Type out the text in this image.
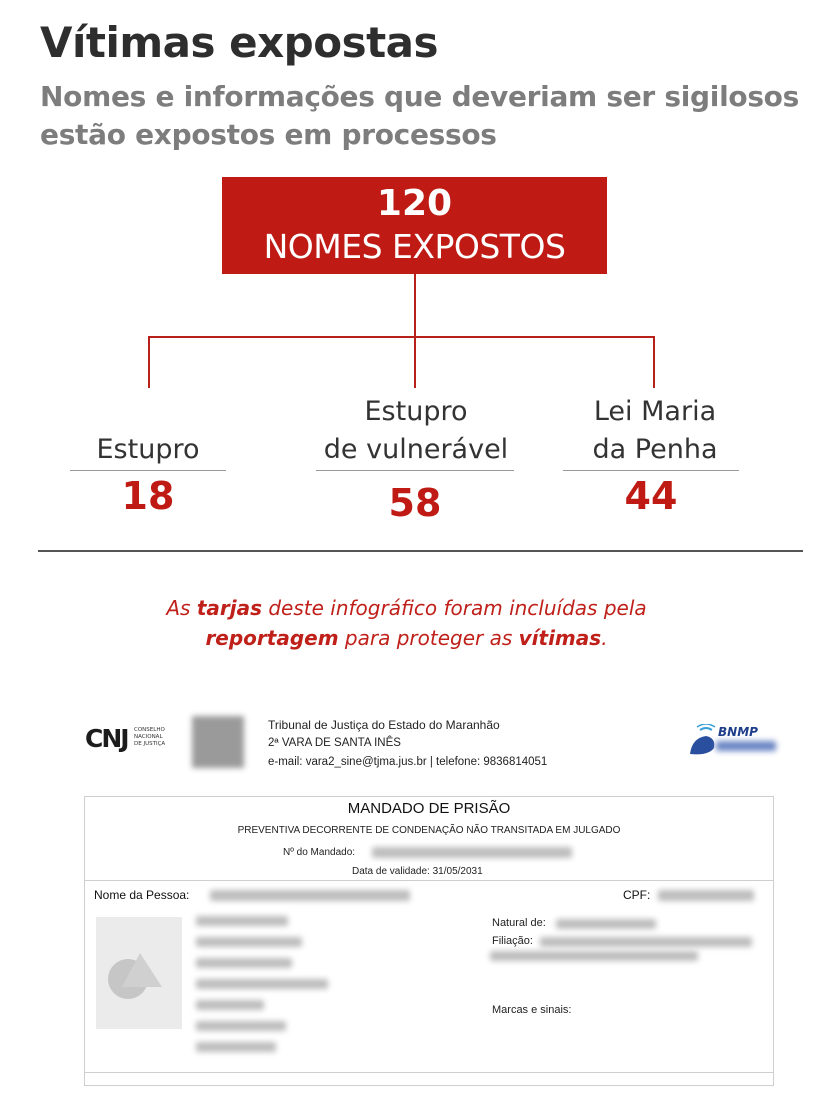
Vítimas expostas
Nomes e informações que deveriam ser sigilosos estão expostos em processos
120
NOMES EXPOSTOS
Estupro
18
Estupro
de vulnerável
58
Lei Maria
da Penha
44
As tarjas deste infográfico foram incluídas pela
reportagem para proteger as vítimas.
CNJ CONSELHO
NACIONAL
DE JUSTIÇA
Tribunal de Justiça do Estado do Maranhão
2ª VARA DE SANTA INÊS
e-mail: vara2_sine@tjma.jus.br | telefone: 9836814051
BNMP
MANDADO DE PRISÃO
PREVENTIVA DECORRENTE DE CONDENAÇÃO NÃO TRANSITADA EM JULGADO
Nº do Mandado:
Data de validade: 31/05/2031
Nome da Pessoa:	CPF:
Natural de:
Filiação:
Marcas e sinais:
